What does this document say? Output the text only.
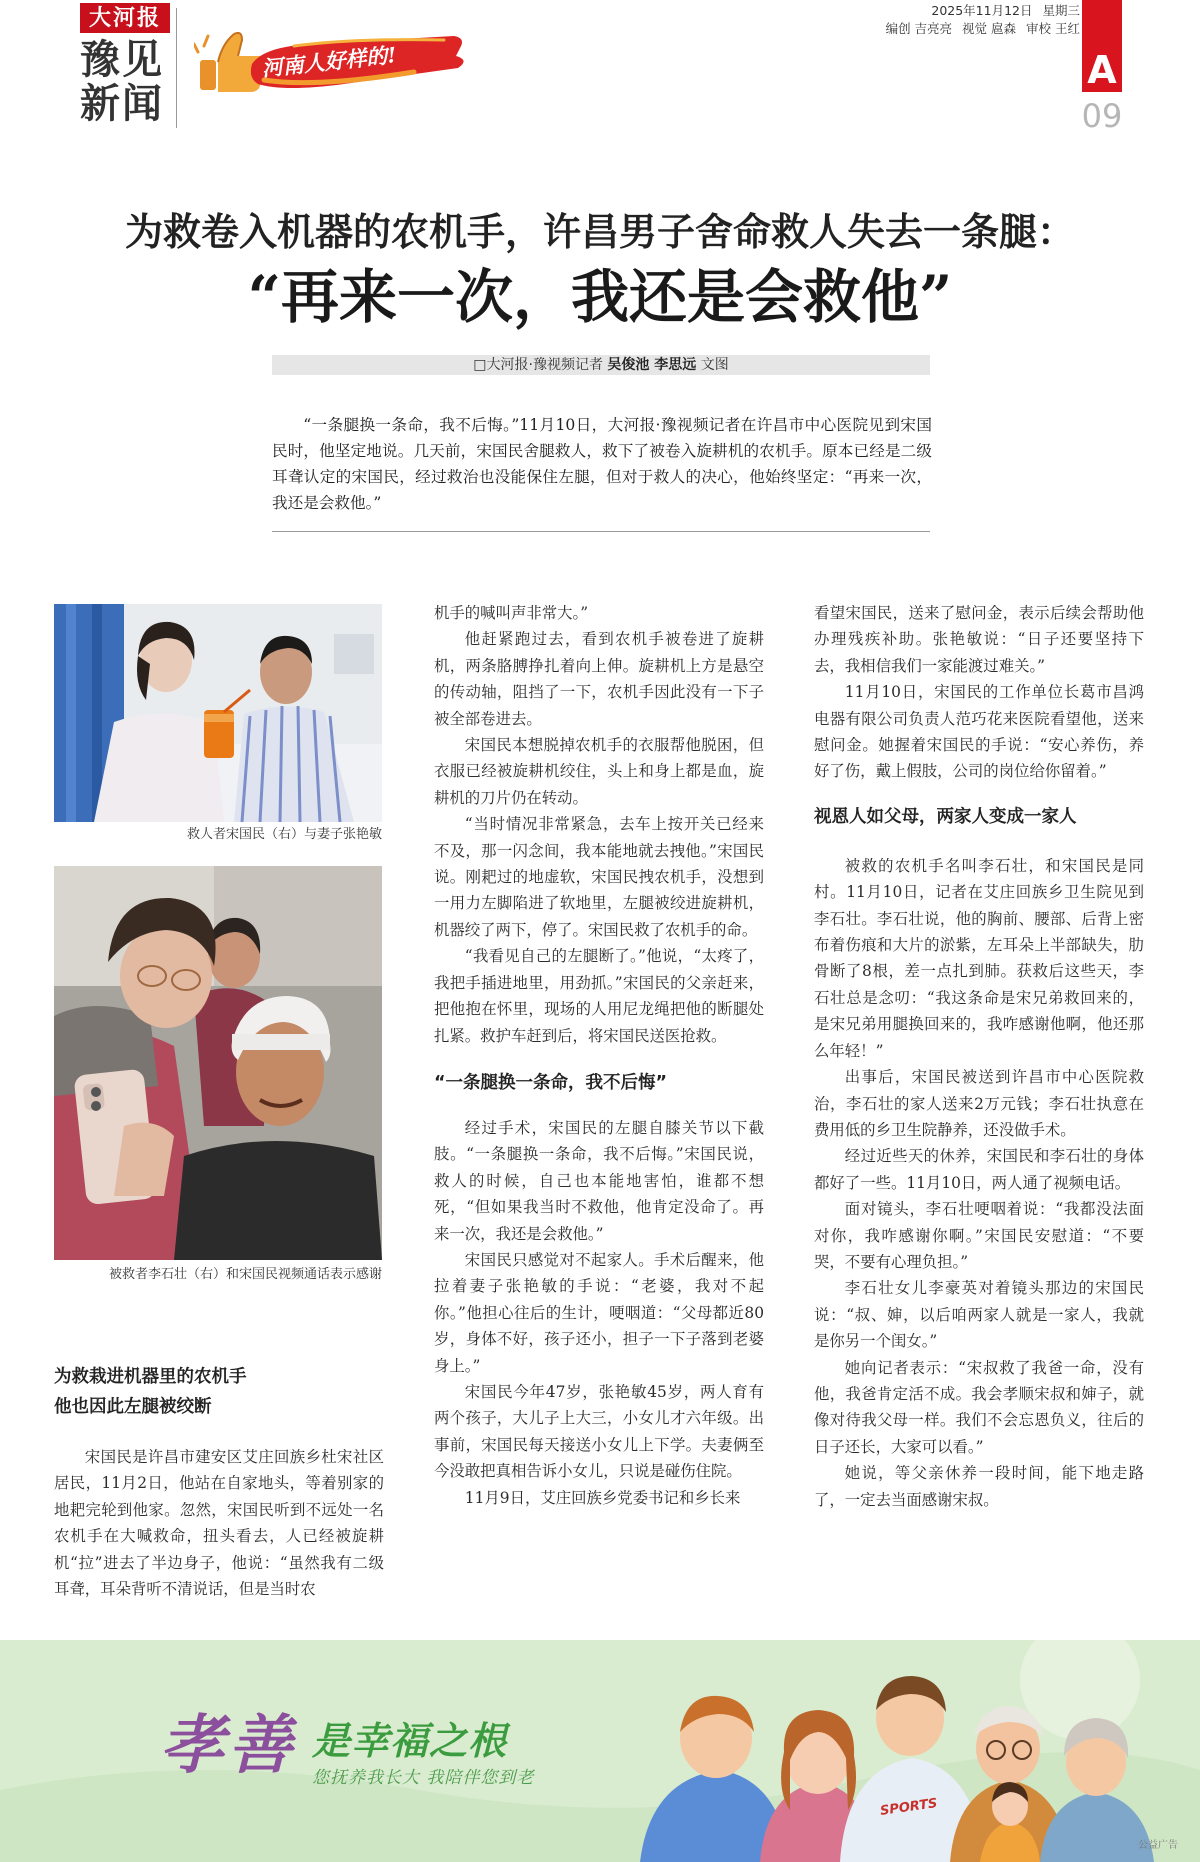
大河报
豫见新闻
河南人好样的!
2025年11月12日 星期三
编创 吉亮亮 视觉 扈森 审校 王红
A
09
为救卷入机器的农机手，许昌男子舍命救人失去一条腿：
“再来一次，我还是会救他”
□大河报·豫视频记者 吴俊池 李思远 文图

“一条腿换一条命，我不后悔。”11月10日，大河报·豫视频记者在许昌市中心医院见到宋国民时，他坚定地说。几天前，宋国民舍腿救人，救下了被卷入旋耕机的农机手。原本已经是二级耳聋认定的宋国民，经过救治也没能保住左腿，但对于救人的决心，他始终坚定：“再来一次，我还是会救他。”

救人者宋国民（右）与妻子张艳敏
被救者李石壮（右）和宋国民视频通话表示感谢
为救栽进机器里的农机手
他也因此左腿被绞断

宋国民是许昌市建安区艾庄回族乡杜宋社区居民，11月2日，他站在自家地头，等着别家的地耙完轮到他家。忽然，宋国民听到不远处一名农机手在大喊救命，扭头看去，人已经被旋耕机“拉”进去了半边身子，他说：“虽然我有二级耳聋，耳朵背听不清说话，但是当时农

机手的喊叫声非常大。”

他赶紧跑过去，看到农机手被卷进了旋耕机，两条胳膊挣扎着向上伸。旋耕机上方是悬空的传动轴，阻挡了一下，农机手因此没有一下子被全部卷进去。

宋国民本想脱掉农机手的衣服帮他脱困，但衣服已经被旋耕机绞住，头上和身上都是血，旋耕机的刀片仍在转动。

“当时情况非常紧急，去车上按开关已经来不及，那一闪念间，我本能地就去拽他。”宋国民说。刚耙过的地虚软，宋国民拽农机手，没想到一用力左脚陷进了软地里，左腿被绞进旋耕机，机器绞了两下，停了。宋国民救了农机手的命。

“我看见自己的左腿断了。”他说，“太疼了，我把手插进地里，用劲抓。”宋国民的父亲赶来，把他抱在怀里，现场的人用尼龙绳把他的断腿处扎紧。救护车赶到后，将宋国民送医抢救。

“一条腿换一条命，我不后悔”

经过手术，宋国民的左腿自膝关节以下截肢。“一条腿换一条命，我不后悔。”宋国民说，救人的时候，自己也本能地害怕，谁都不想死，“但如果我当时不救他，他肯定没命了。再来一次，我还是会救他。”

宋国民只感觉对不起家人。手术后醒来，他拉着妻子张艳敏的手说：“老婆，我对不起你。”他担心往后的生计，哽咽道：“父母都近80岁，身体不好，孩子还小，担子一下子落到老婆身上。”

宋国民今年47岁，张艳敏45岁，两人育有两个孩子，大儿子上大三，小女儿才六年级。出事前，宋国民每天接送小女儿上下学。夫妻俩至今没敢把真相告诉小女儿，只说是碰伤住院。

11月9日，艾庄回族乡党委书记和乡长来

看望宋国民，送来了慰问金，表示后续会帮助他办理残疾补助。张艳敏说：“日子还要坚持下去，我相信我们一家能渡过难关。”

11月10日，宋国民的工作单位长葛市昌鸿电器有限公司负责人范巧花来医院看望他，送来慰问金。她握着宋国民的手说：“安心养伤，养好了伤，戴上假肢，公司的岗位给你留着。”

视恩人如父母，两家人变成一家人

被救的农机手名叫李石壮，和宋国民是同村。11月10日，记者在艾庄回族乡卫生院见到李石壮。李石壮说，他的胸前、腰部、后背上密布着伤痕和大片的淤紫，左耳朵上半部缺失，肋骨断了8根，差一点扎到肺。获救后这些天，李石壮总是念叨：“我这条命是宋兄弟救回来的，是宋兄弟用腿换回来的，我咋感谢他啊，他还那么年轻！”

出事后，宋国民被送到许昌市中心医院救治，李石壮的家人送来2万元钱；李石壮执意在费用低的乡卫生院静养，还没做手术。

经过近些天的休养，宋国民和李石壮的身体都好了一些。11月10日，两人通了视频电话。

面对镜头，李石壮哽咽着说：“我都没法面对你，我咋感谢你啊。”宋国民安慰道：“不要哭，不要有心理负担。”

李石壮女儿李豪英对着镜头那边的宋国民说：“叔、婶，以后咱两家人就是一家人，我就是你另一个闺女。”

她向记者表示：“宋叔救了我爸一命，没有他，我爸肯定活不成。我会孝顺宋叔和婶子，就像对待我父母一样。我们不会忘恩负义，往后的日子还长，大家可以看。”

她说，等父亲休养一段时间，能下地走路了，一定去当面感谢宋叔。

孝善 是幸福之根
您抚养我长大 我陪伴您到老
SPORTS
公益广告
